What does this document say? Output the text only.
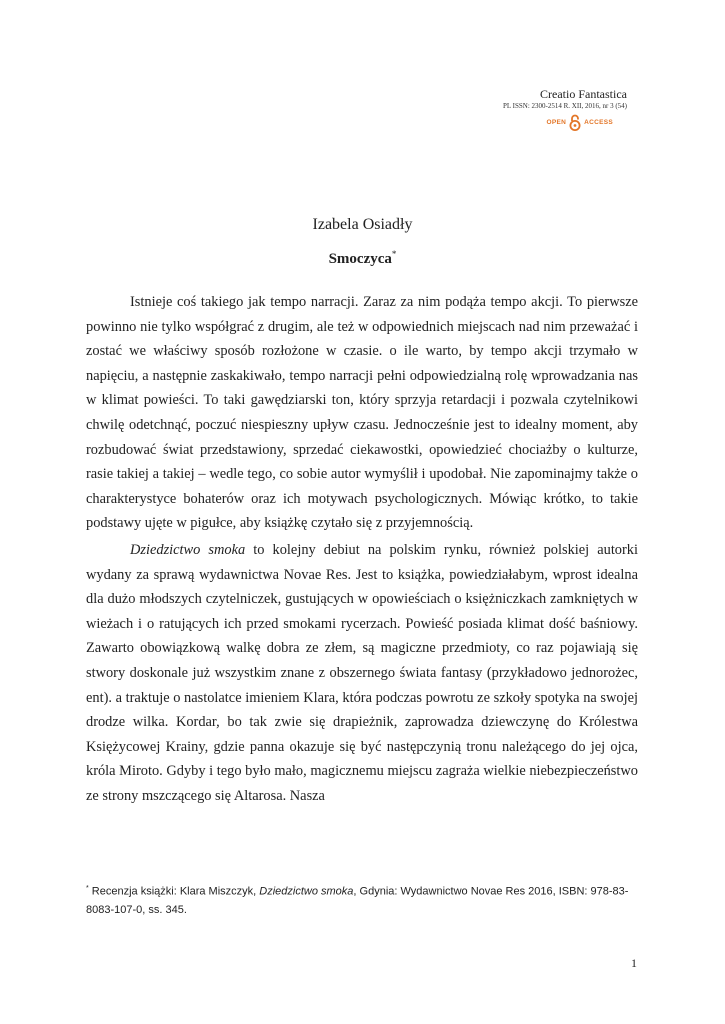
Creatio Fantastica
PL ISSN: 2300-2514 R. XII, 2016, nr 3 (54)
OPEN	ACCESS
Izabela Osiadły
Smoczyca*

Istnieje coś takiego jak tempo narracji. Zaraz za nim podąża tempo akcji. To pierwsze powinno nie tylko współgrać z drugim, ale też w odpowiednich miejscach nad nim przeważać i zostać we właściwy sposób rozłożone w czasie. o ile warto, by tempo akcji trzymało w napięciu, a następnie zaskakiwało, tempo narracji pełni odpowiedzialną rolę wprowadzania nas w klimat powieści. To taki gawędziarski ton, który sprzyja retardacji i pozwala czytelnikowi chwilę odetchnąć, poczuć niespieszny upływ czasu. Jednocześnie jest to idealny moment, aby rozbudować świat przedstawiony, sprzedać ciekawostki, opowiedzieć chociażby o kulturze, rasie takiej a takiej – wedle tego, co sobie autor wymyślił i upodobał. Nie zapominajmy także o charakterystyce bohaterów oraz ich motywach psychologicznych. Mówiąc krótko, to takie podstawy ujęte w pigułce, aby książkę czytało się z przyjemnością.

Dziedzictwo smoka to kolejny debiut na polskim rynku, również polskiej autorki wydany za sprawą wydawnictwa Novae Res. Jest to książka, powiedziałabym, wprost idealna dla dużo młodszych czytelniczek, gustujących w opowieściach o księżniczkach zamkniętych w wieżach i o ratujących ich przed smokami rycerzach. Powieść posiada klimat dość baśniowy. Zawarto obowiązkową walkę dobra ze złem, są magiczne przedmioty, co raz pojawiają się stwory doskonale już wszystkim znane z obszernego świata fantasy (przykładowo jednorożec, ent). a traktuje o nastolatce imieniem Klara, która podczas powrotu ze szkoły spotyka na swojej drodze wilka. Kordar, bo tak zwie się drapieżnik, zaprowadza dziewczynę do Królestwa Księżycowej Krainy, gdzie panna okazuje się być następczynią tronu należącego do jej ojca, króla Miroto. Gdyby i tego było mało, magicznemu miejscu zagraża wielkie niebezpieczeństwo ze strony mszczącego się Altarosa. Nasza

* Recenzja książki: Klara Miszczyk, Dziedzictwo smoka, Gdynia: Wydawnictwo Novae Res 2016, ISBN: 978-83-8083-107-0, ss. 345.
1
